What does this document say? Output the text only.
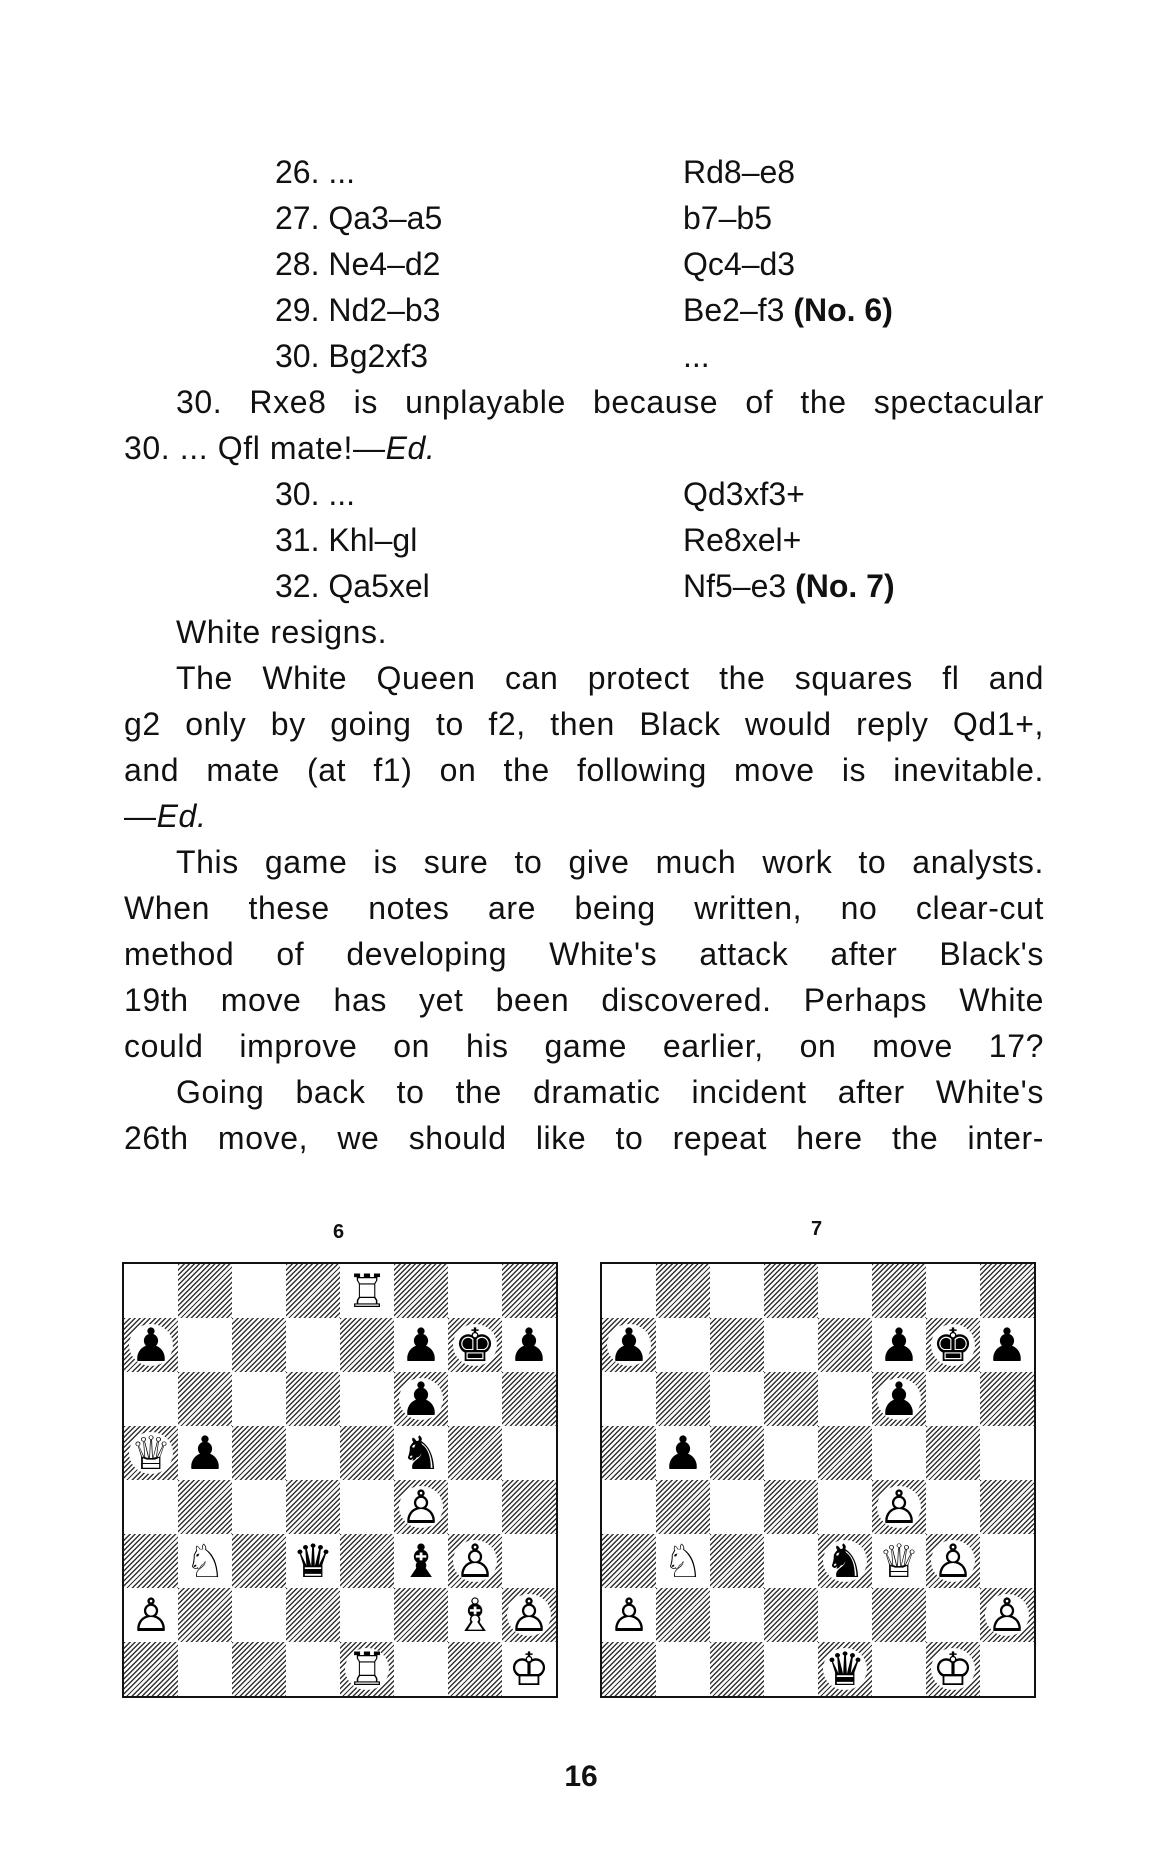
26. ...	Rd8–e8
27. Qa3–a5	b7–b5
28. Ne4–d2	Qc4–d3
29. Nd2–b3	Be2–f3 (No. 6)
30. Bg2xf3	...
30. Rxe8 is unplayable because of the spectacular
30. ... Qfl mate!—Ed.
30. ...	Qd3xf3+
31. Khl–gl	Re8xel+
32. Qa5xel	Nf5–e3 (No. 7)
White resigns.
The White Queen can protect the squares fl and
g2 only by going to f2, then Black would reply Qd1+,
and mate (at f1) on the following move is inevitable.
—Ed.
This game is sure to give much work to analysts.
When these notes are being written, no clear-cut
method of developing White's attack after Black's
19th move has yet been discovered. Perhaps White
could improve on his game earlier, on move 17?
Going back to the dramatic incident after White's
26th move, we should like to repeat here the inter-
6
♖
♟	♟ ♚ ♟
♟
♕ ♟	♞
♙
♘ ♛ ♝ ♙
♙	♗ ♙
♖	♔
7
♟	♟ ♚ ♟
♟
♟
♙
♘	♞ ♕ ♙
♙	♙
♛ ♔
16
